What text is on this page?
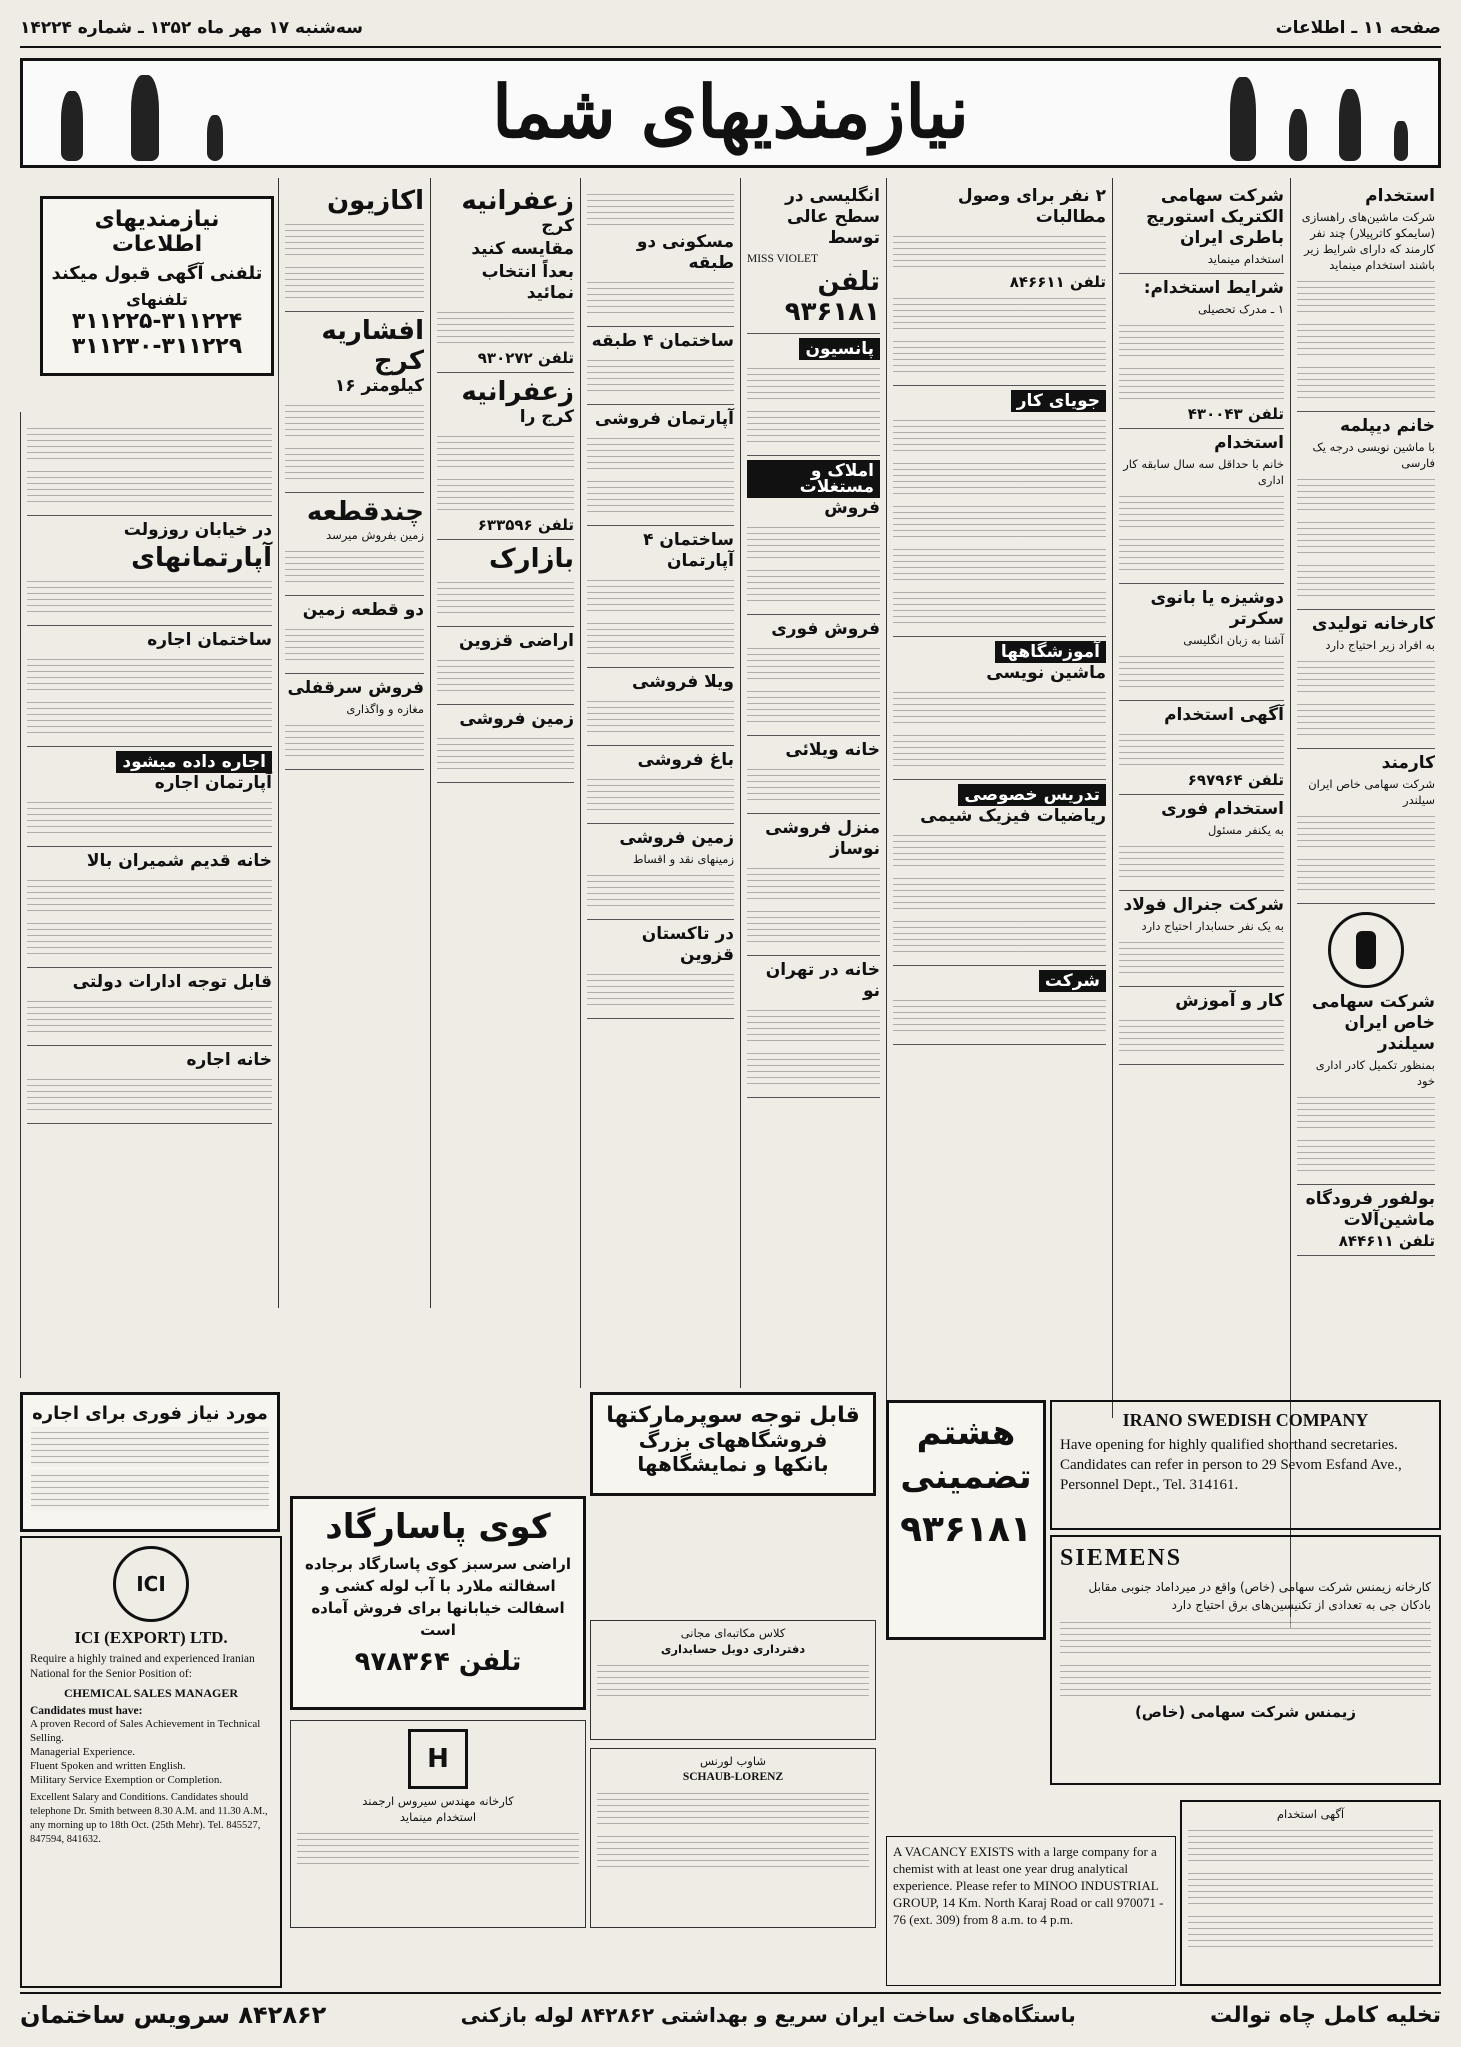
صفحه ۱۱ ـ اطلاعات
سه‌شنبه ۱۷ مهر ماه ۱۳۵۲ ـ شماره ۱۴۲۲۴
نیازمندیهای شما
استخدام
شرکت ماشین‌های راهسازی (سایمکو کاترپیلار) چند نفر کارمند که دارای شرایط زیر باشند استخدام مینماید
خانم دیپلمه
با ماشین نویسی درجه یک فارسی
کارخانه تولیدی
به افراد زیر احتیاج دارد
کارمند
شرکت سهامی خاص ایران سیلندر
شرکت سهامی خاص ایران سیلندر
بمنظور تکمیل کادر اداری خود
بولفور فرودگاه ماشین‌آلات
تلفن ۸۴۴۶۱۱
شرکت سهامی الکتریک استوریج باطری ایران
استخدام مینماید
شرایط استخدام:
۱ ـ مدرک تحصیلی
تلفن ۴۳۰۰۴۳
استخدام
خانم با حداقل سه سال سابقه کار اداری
دوشیزه یا بانوی سکرتر
آشنا به زبان انگلیسی
آگهی استخدام
تلفن ۶۹۷۹۶۴
استخدام فوری
به یکنفر مسئول
شرکت جنرال فولاد
به یک نفر حسابدار احتیاج دارد
کار و آموزش
۲ نفر برای وصول مطالبات
تلفن ۸۴۶۶۱۱
جویای کار
آموزشگاهها
ماشین نویسی
تدریس خصوصی
ریاضیات فیزیک شیمی
شرکت
انگلیسی در سطح عالی توسط
MISS VIOLET
تلفن ۹۳۶۱۸۱
پانسیون
املاک و مستغلات
فروش
فروش فوری
خانه ویلائی
منزل فروشی نوساز
خانه در تهران نو
مسکونی دو طبقه
ساختمان ۴ طبقه
آپارتمان فروشی
ساختمان ۴ آپارتمان
ویلا فروشی
باغ فروشی
زمین فروشی
زمینهای نقد و اقساط
در تاکستان قزوین
زعفرانیه
کرج
مقایسه کنید
بعداً انتخاب نمائید
تلفن ۹۳۰۲۷۲
زعفرانیه
کرج را
تلفن ۶۳۳۵۹۶
بازارک
اراضی قزوین
زمین فروشی
اکازیون
افشاریه کرج
کیلومتر ۱۶
چندقطعه
زمین بفروش میرسد
دو قطعه زمین
فروش سرقفلی
مغازه و واگذاری
نیازمندیهای اطلاعات
تلفنی آگهی قبول میکند
تلفنهای
۳۱۱۲۲۵-۳۱۱۲۲۴
۳۱۱۲۳۰-۳۱۱۲۲۹
در خیابان روزولت
آپارتمانهای
ساختمان اجاره
اجاره داده میشود
آپارتمان اجاره
خانه قدیم شمیران بالا
قابل توجه ادارات دولتی
خانه اجاره
قابل توجه سوپرمارکتها
فروشگاههای بزرگ
بانکها و نمایشگاهها
کوی پاسارگاد
اراضی سرسبز کوی پاسارگاد برجاده اسفالته ملارد با آب لوله کشی و اسفالت خیابانها برای فروش آماده است
تلفن ۹۷۸۳۶۴
کلاس مکاتبه‌ای مجانی
دفترداری دوبل حسابداری
هشتم تضمینی
۹۳۶۱۸۱
شاوب لورنس
SCHAUB-LORENZ
H
کارخانه مهندس سیروس ارجمند
استخدام مینماید
IRANO SWEDISH COMPANY
Have opening for highly qualified shorthand secretaries. Candidates can refer in person to 29 Sevom Esfand Ave., Personnel Dept., Tel. 314161.
SIEMENS
کارخانه زیمنس شرکت سهامی (خاص) واقع در میرداماد جنوبی مقابل بادکان جی به تعدادی از تکنیسین‌های برق احتیاج دارد
زیمنس شرکت سهامی (خاص)
A VACANCY EXISTS with a large company for a chemist with at least one year drug analytical experience. Please refer to MINOO INDUSTRIAL GROUP, 14 Km. North Karaj Road or call 970071 - 76 (ext. 309) from 8 a.m. to 4 p.m.
آگهی استخدام
مورد نیاز فوری برای اجاره
ICI
ICI (EXPORT) LTD.
Require a highly trained and experienced Iranian National for the Senior Position of:
CHEMICAL SALES MANAGER
Candidates must have:
A proven Record of Sales Achievement in Technical Selling.
Managerial Experience.
Fluent Spoken and written English.
Military Service Exemption or Completion.
Excellent Salary and Conditions. Candidates should telephone Dr. Smith between 8.30 A.M. and 11.30 A.M., any morning up to 18th Oct. (25th Mehr). Tel. 845527, 847594, 841632.
تخلیه کامل چاه توالت
باستگاه‌های ساخت ایران سریع و بهداشتی ۸۴۲۸۶۲ لوله بازکنی
۸۴۲۸۶۲ سرویس ساختمان
